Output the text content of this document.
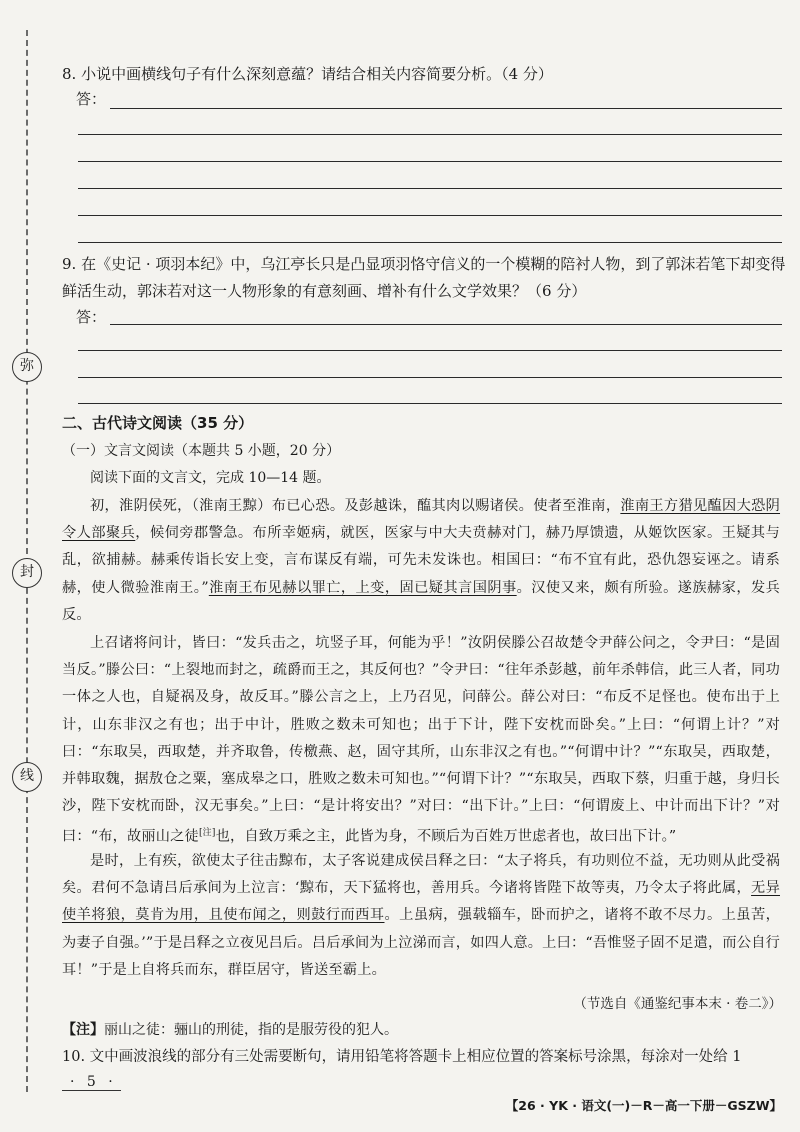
弥
封
线
8. 小说中画横线句子有什么深刻意蕴？请结合相关内容简要分析。（4 分）
答：
9. 在《史记 · 项羽本纪》中，乌江亭长只是凸显项羽恪守信义的一个模糊的陪衬人物，到了郭沫若笔下却变得
鲜活生动，郭沫若对这一人物形象的有意刻画、增补有什么文学效果？（6 分）
答：
二、古代诗文阅读（35 分）
（一）文言文阅读（本题共 5 小题，20 分）
阅读下面的文言文，完成 10—14 题。
初，淮阴侯死，（淮南王黥）布已心恐。及彭越诛，醢其肉以赐诸侯。使者至淮南，淮南王方猎见醢因大恐阴令人部聚兵，候伺旁郡警急。布所幸姬病，就医，医家与中大夫贲赫对门，赫乃厚馈遗，从姬饮医家。王疑其与乱，欲捕赫。赫乘传诣长安上变，言布谋反有端，可先未发诛也。相国曰：“布不宜有此，恐仇怨妄诬之。请系赫，使人微验淮南王。”淮南王布见赫以罪亡，上变，固已疑其言国阴事。汉使又来，颇有所验。遂族赫家，发兵反。
上召诸将问计，皆曰：“发兵击之，坑竖子耳，何能为乎！”汝阴侯滕公召故楚令尹薛公问之，令尹曰：“是固当反。”滕公曰：“上裂地而封之，疏爵而王之，其反何也？”令尹曰：“往年杀彭越，前年杀韩信，此三人者，同功一体之人也，自疑祸及身，故反耳。”滕公言之上，上乃召见，问薛公。薛公对曰：“布反不足怪也。使布出于上计，山东非汉之有也；出于中计，胜败之数未可知也；出于下计，陛下安枕而卧矣。”上曰：“何谓上计？”对曰：“东取吴，西取楚，并齐取鲁，传檄燕、赵，固守其所，山东非汉之有也。”“何谓中计？”“东取吴，西取楚，并韩取魏，据敖仓之粟，塞成皋之口，胜败之数未可知也。”“何谓下计？”“东取吴，西取下蔡，归重于越，身归长沙，陛下安枕而卧，汉无事矣。”上曰：“是计将安出？”对曰：“出下计。”上曰：“何谓废上、中计而出下计？”对曰：“布，故丽山之徒[注]也，自致万乘之主，此皆为身，不顾后为百姓万世虑者也，故曰出下计。”
是时，上有疾，欲使太子往击黥布，太子客说建成侯吕释之曰：“太子将兵，有功则位不益，无功则从此受祸矣。君何不急请吕后承间为上泣言：‘黥布，天下猛将也，善用兵。今诸将皆陛下故等夷，乃令太子将此属，无异使羊将狼，莫肯为用，且使布闻之，则鼓行而西耳。上虽病，强载辎车，卧而护之，诸将不敢不尽力。上虽苦，为妻子自强。’”于是吕释之立夜见吕后。吕后承间为上泣涕而言，如四人意。上曰：“吾惟竖子固不足遣，而公自行耳！”于是上自将兵而东，群臣居守，皆送至霸上。
（节选自《通鉴纪事本末 · 卷二》）
【注】丽山之徒：骊山的刑徒，指的是服劳役的犯人。
10. 文中画波浪线的部分有三处需要断句，请用铅笔将答题卡上相应位置的答案标号涂黑，每涂对一处给 1
· 5 ·
【26 · YK · 语文(一)－R－高一下册－GSZW】
